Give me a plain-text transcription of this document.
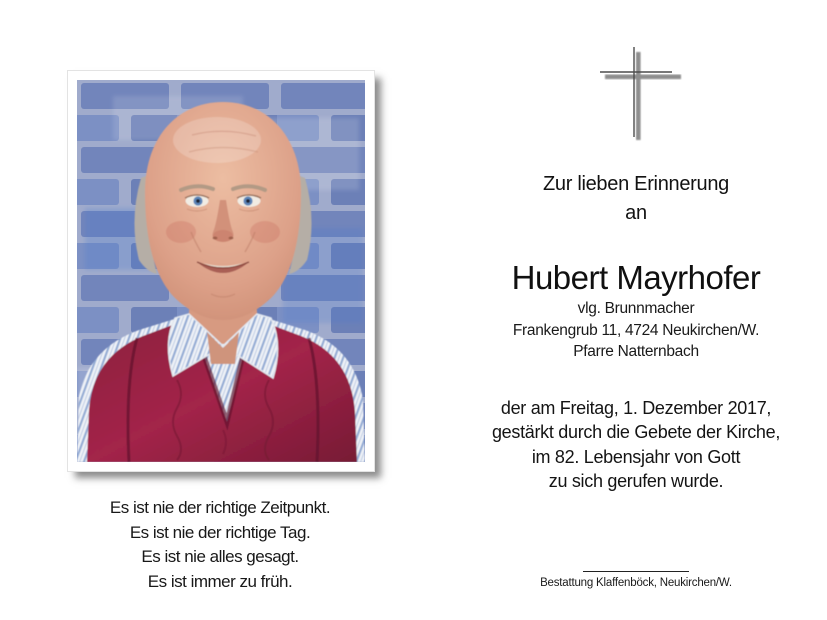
Es ist nie der richtige Zeitpunkt.
Es ist nie der richtige Tag.
Es ist nie alles gesagt.
Es ist immer zu früh.
Zur lieben Erinnerung
an
Hubert Mayrhofer
vlg. Brunnmacher
Frankengrub 11, 4724 Neukirchen/W.
Pfarre Natternbach
der am Freitag, 1. Dezember 2017,
gestärkt durch die Gebete der Kirche,
im 82. Lebensjahr von Gott
zu sich gerufen wurde.
Bestattung Klaffenböck, Neukirchen/W.
